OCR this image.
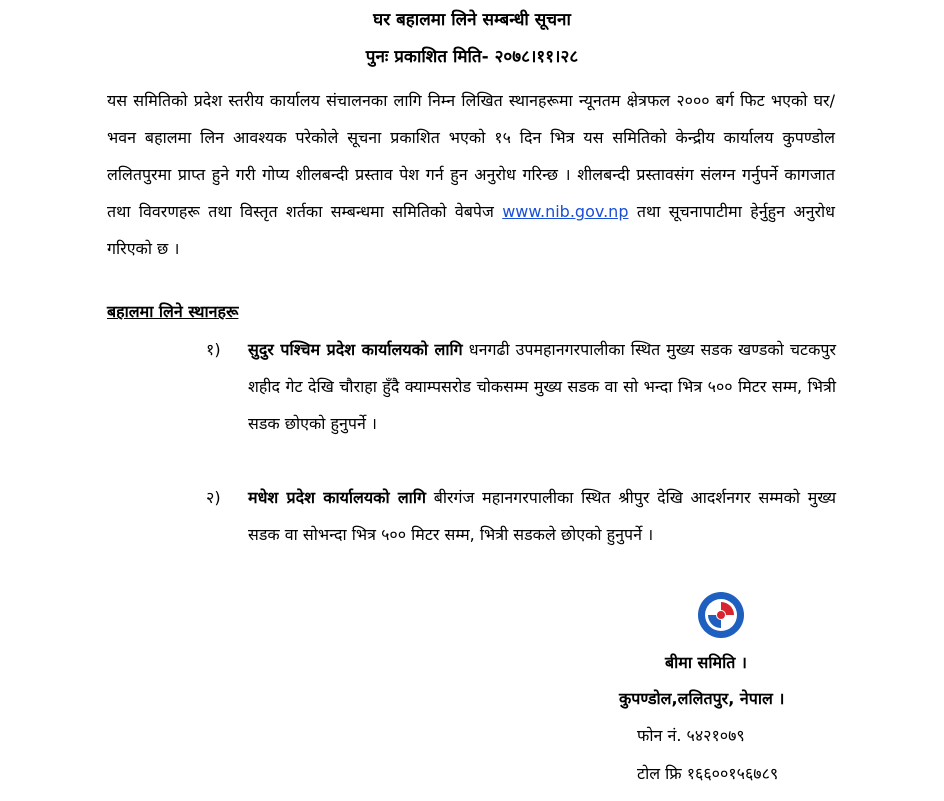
घर बहालमा लिने सम्बन्धी सूचना
पुनः प्रकाशित मिति- २०७८।११।२८
यस समितिको प्रदेश स्तरीय कार्यालय संचालनका लागि निम्न लिखित स्थानहरूमा न्यूनतम क्षेत्रफल २००० बर्ग फिट भएको घर/ भवन बहालमा लिन आवश्यक परेकोले सूचना प्रकाशित भएको १५ दिन भित्र यस समितिको केन्द्रीय कार्यालय कुपण्डोल ललितपुरमा प्राप्त हुने गरी गोप्य शीलबन्दी प्रस्ताव पेश गर्न हुन अनुरोध गरिन्छ । शीलबन्दी प्रस्तावसंग संलग्न गर्नुपर्ने कागजात तथा विवरणहरू तथा विस्तृत शर्तका सम्बन्धमा समितिको वेबपेज www.nib.gov.np तथा सूचनापाटीमा हेर्नुहुन अनुरोध गरिएको छ ।
बहालमा लिने स्थानहरू
१)	सुदुर पश्चिम प्रदेश कार्यालयको लागि धनगढी उपमहानगरपालीका स्थित मुख्य सडक खण्डको चटकपुर शहीद गेट देखि चौराहा हुँदै क्याम्पसरोड चोकसम्म मुख्य सडक वा सो भन्दा भित्र ५०० मिटर सम्म, भित्री सडक छोएको हुनुपर्ने ।
२)	मधेश प्रदेश कार्यालयको लागि बीरगंज महानगरपालीका स्थित श्रीपुर देखि आदर्शनगर सम्मको मुख्य सडक वा सोभन्दा भित्र ५०० मिटर सम्म, भित्री सडकले छोएको हुनुपर्ने ।
बीमा समिति ।
कुपण्डोल,ललितपुर, नेपाल ।
फोन नं. ५४२१०७९
टोल फ्रि १६६००१५६७८९
